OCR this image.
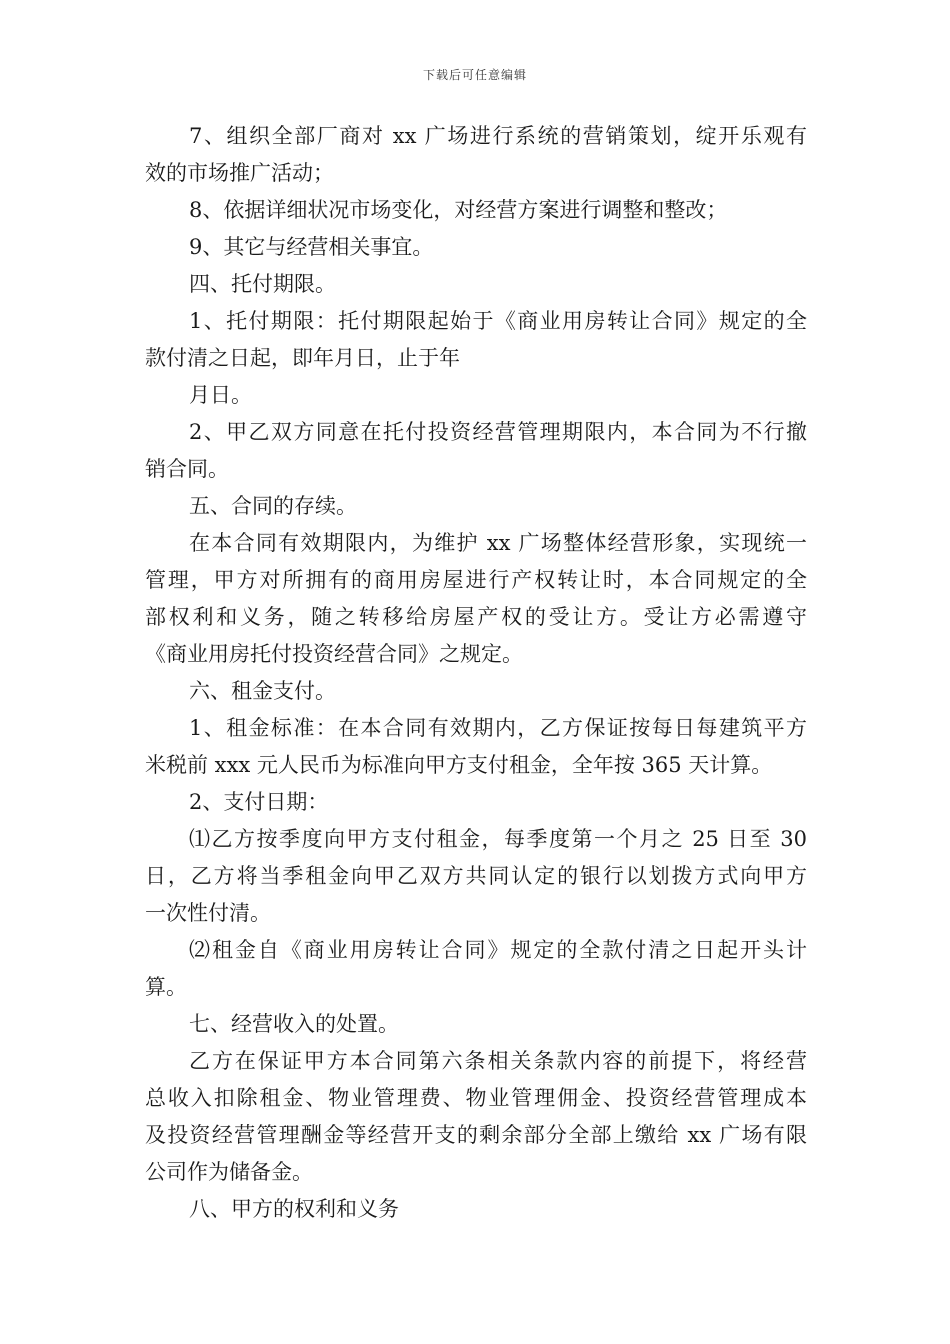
下载后可任意编辑

7、组织全部厂商对 xx 广场进行系统的营销策划，绽开乐观有

效的市场推广活动；

8、依据详细状况市场变化，对经营方案进行调整和整改；

9、其它与经营相关事宜。

四、托付期限。

1、托付期限：托付期限起始于《商业用房转让合同》规定的全

款付清之日起，即年月日，止于年

月日。

2、甲乙双方同意在托付投资经营管理期限内，本合同为不行撤

销合同。

五、合同的存续。

在本合同有效期限内，为维护 xx 广场整体经营形象，实现统一

管理，甲方对所拥有的商用房屋进行产权转让时，本合同规定的全

部权利和义务，随之转移给房屋产权的受让方。受让方必需遵守

《商业用房托付投资经营合同》之规定。

六、租金支付。

1、租金标准：在本合同有效期内，乙方保证按每日每建筑平方

米税前 xxx 元人民币为标准向甲方支付租金，全年按 365 天计算。

2、支付日期：

⑴乙方按季度向甲方支付租金，每季度第一个月之 25 日至 30

日，乙方将当季租金向甲乙双方共同认定的银行以划拨方式向甲方

一次性付清。

⑵租金自《商业用房转让合同》规定的全款付清之日起开头计

算。

七、经营收入的处置。

乙方在保证甲方本合同第六条相关条款内容的前提下，将经营

总收入扣除租金、物业管理费、物业管理佣金、投资经营管理成本

及投资经营管理酬金等经营开支的剩余部分全部上缴给 xx 广场有限

公司作为储备金。

八、甲方的权利和义务
